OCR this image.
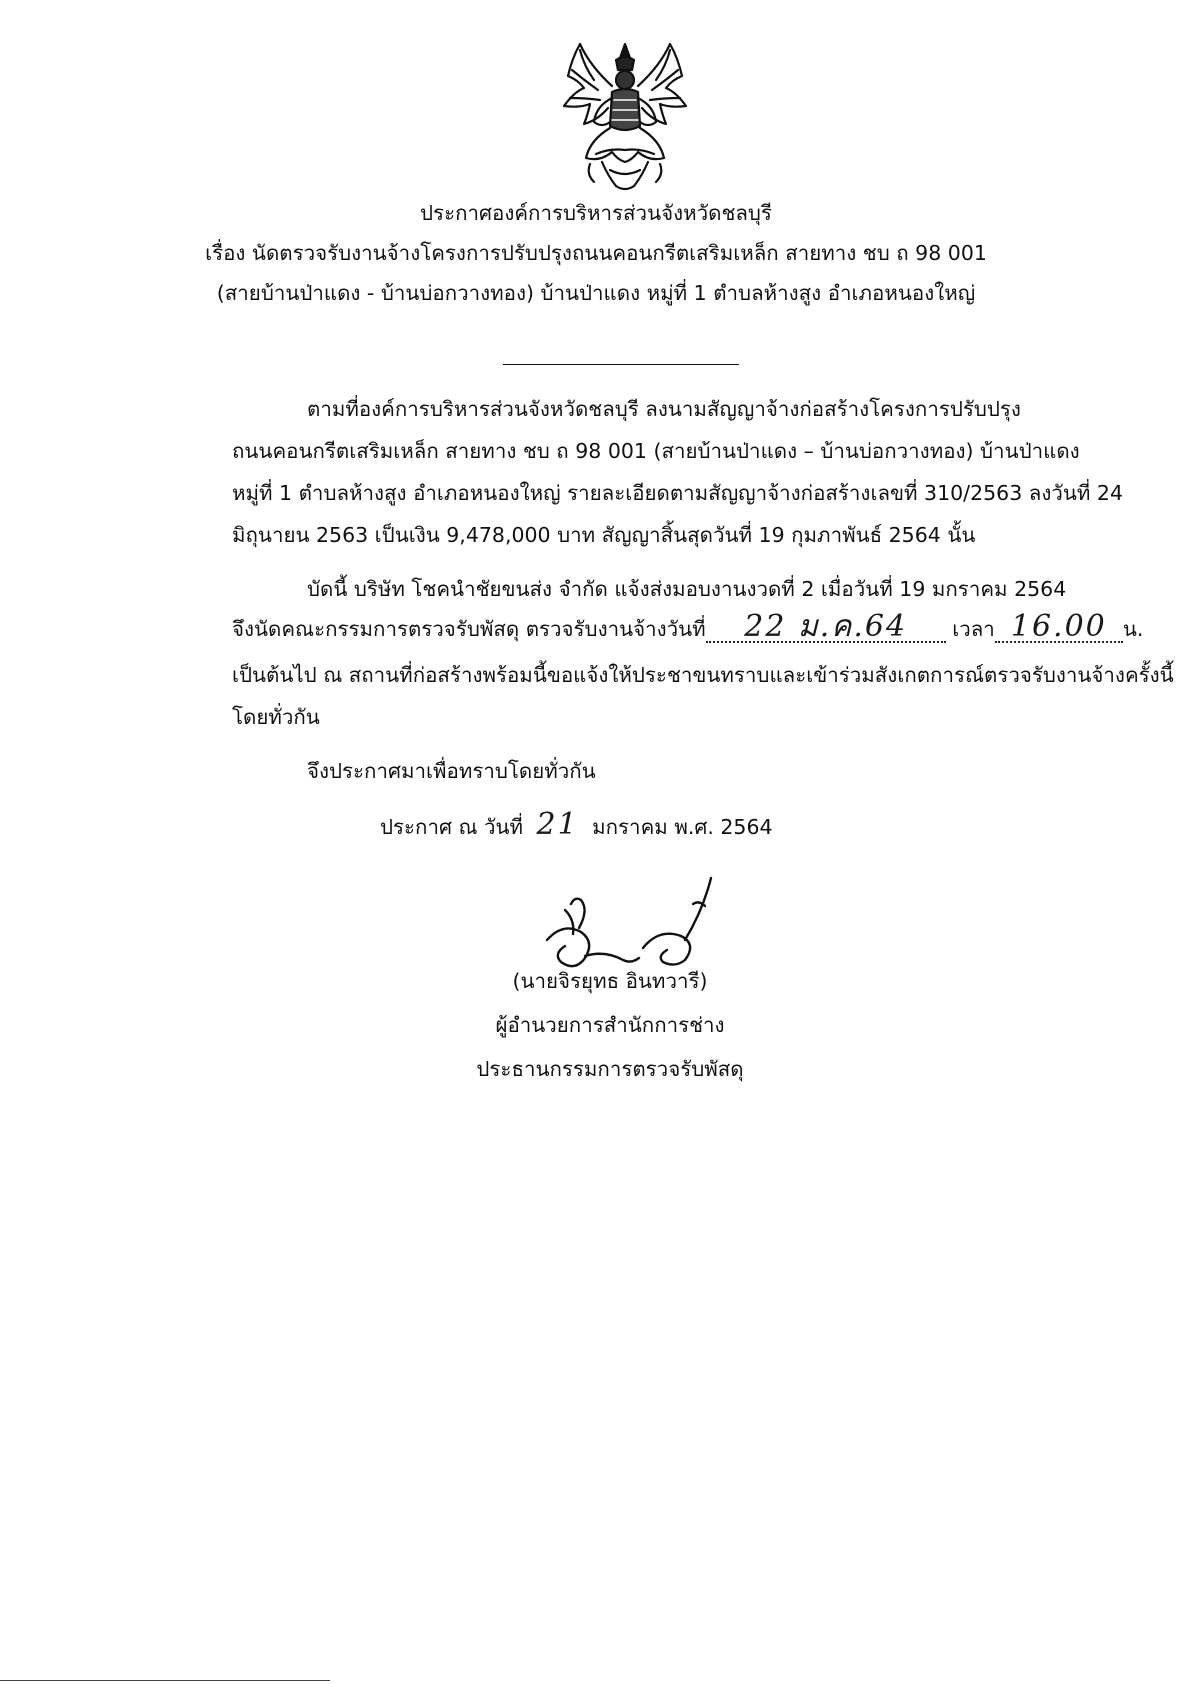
ประกาศองค์การบริหารส่วนจังหวัดชลบุรี
เรื่อง นัดตรวจรับงานจ้างโครงการปรับปรุงถนนคอนกรีตเสริมเหล็ก สายทาง ชบ ถ 98 001
(สายบ้านป่าแดง - บ้านบ่อกวางทอง) บ้านป่าแดง หมู่ที่ 1 ตำบลห้างสูง อำเภอหนองใหญ่
ตามที่องค์การบริหารส่วนจังหวัดชลบุรี ลงนามสัญญาจ้างก่อสร้างโครงการปรับปรุง
ถนนคอนกรีตเสริมเหล็ก สายทาง ชบ ถ 98 001 (สายบ้านป่าแดง – บ้านบ่อกวางทอง) บ้านป่าแดง
หมู่ที่ 1 ตำบลห้างสูง อำเภอหนองใหญ่ รายละเอียดตามสัญญาจ้างก่อสร้างเลขที่ 310/2563 ลงวันที่ 24
มิถุนายน 2563 เป็นเงิน 9,478,000 บาท สัญญาสิ้นสุดวันที่ 19 กุมภาพันธ์ 2564 นั้น
บัดนี้ บริษัท โชคนำชัยขนส่ง จำกัด แจ้งส่งมอบงานงวดที่ 2 เมื่อวันที่ 19 มกราคม 2564
จึงนัดคณะกรรมการตรวจรับพัสดุ ตรวจรับงานจ้างวันที่ 22 ม.ค.64 เวลา 16.00 น.
เป็นต้นไป ณ สถานที่ก่อสร้างพร้อมนี้ขอแจ้งให้ประชาขนทราบและเข้าร่วมสังเกตการณ์ตรวจรับงานจ้างครั้งนี้
โดยทั่วกัน
จึงประกาศมาเพื่อทราบโดยทั่วกัน
ประกาศ ณ วันที่ 21 มกราคม พ.ศ. 2564
(นายจิรยุทธ อินทวารี)
ผู้อำนวยการสำนักการช่าง
ประธานกรรมการตรวจรับพัสดุ
